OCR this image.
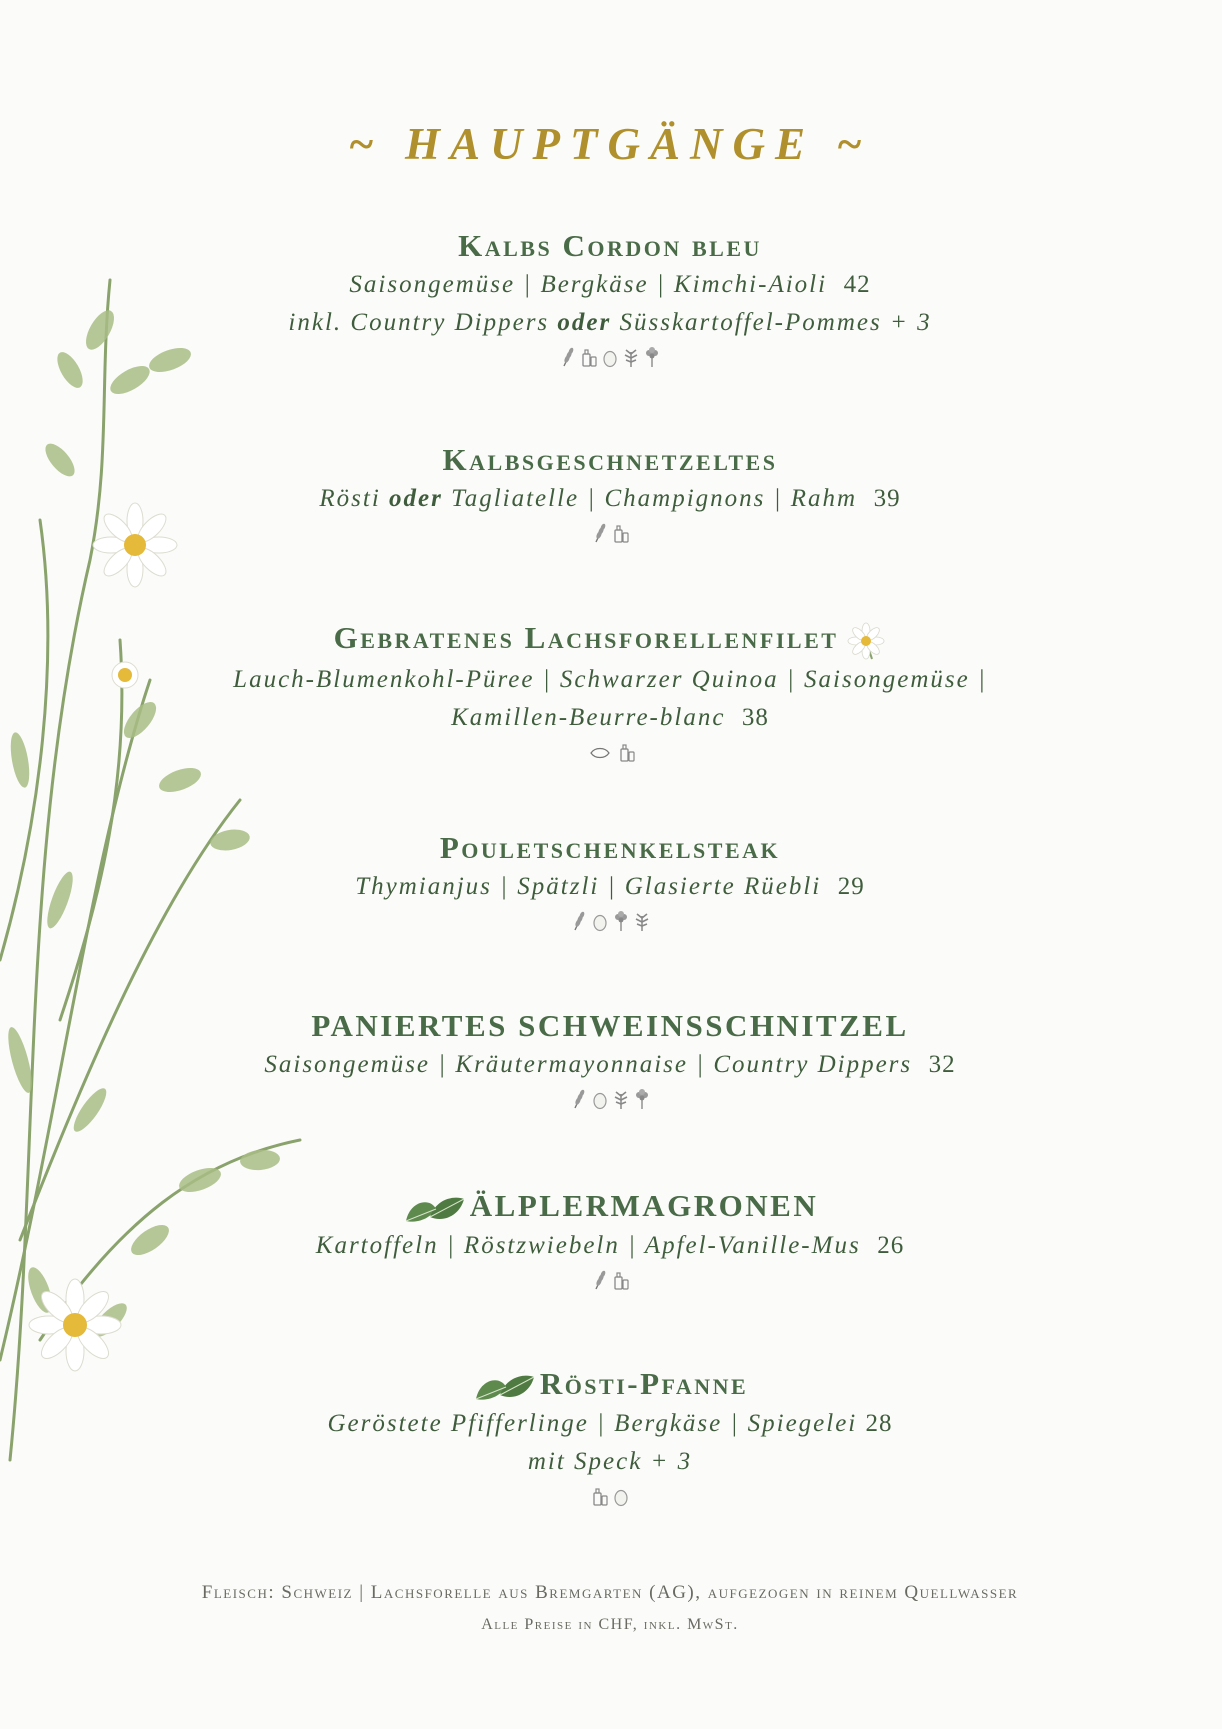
~ HAUPTGÄNGE ~
Kalbs Cordon bleu
Saisongemüse | Bergkäse | Kimchi-Aioli 42
inkl. Country Dippers oder Süsskartoffel-Pommes + 3
Kalbsgeschnetzeltes
Rösti oder Tagliatelle | Champignons | Rahm 39
Gebratenes Lachsforellenfilet
Lauch-Blumenkohl-Püree | Schwarzer Quinoa | Saisongemüse |
Kamillen-Beurre-blanc 38
Pouletschenkelsteak
Thymianjus | Spätzli | Glasierte Rüebli 29
PANIERTES SCHWEINSSCHNITZEL
Saisongemüse | Kräutermayonnaise | Country Dippers 32
ÄLPLERMAGRONEN
Kartoffeln | Röstzwiebeln | Apfel-Vanille-Mus 26
Rösti-Pfanne
Geröstete Pfifferlinge | Bergkäse | Spiegelei 28
mit Speck + 3
Fleisch: Schweiz | Lachsforelle aus Bremgarten (AG), aufgezogen in reinem Quellwasser
Alle Preise in CHF, inkl. MwSt.
